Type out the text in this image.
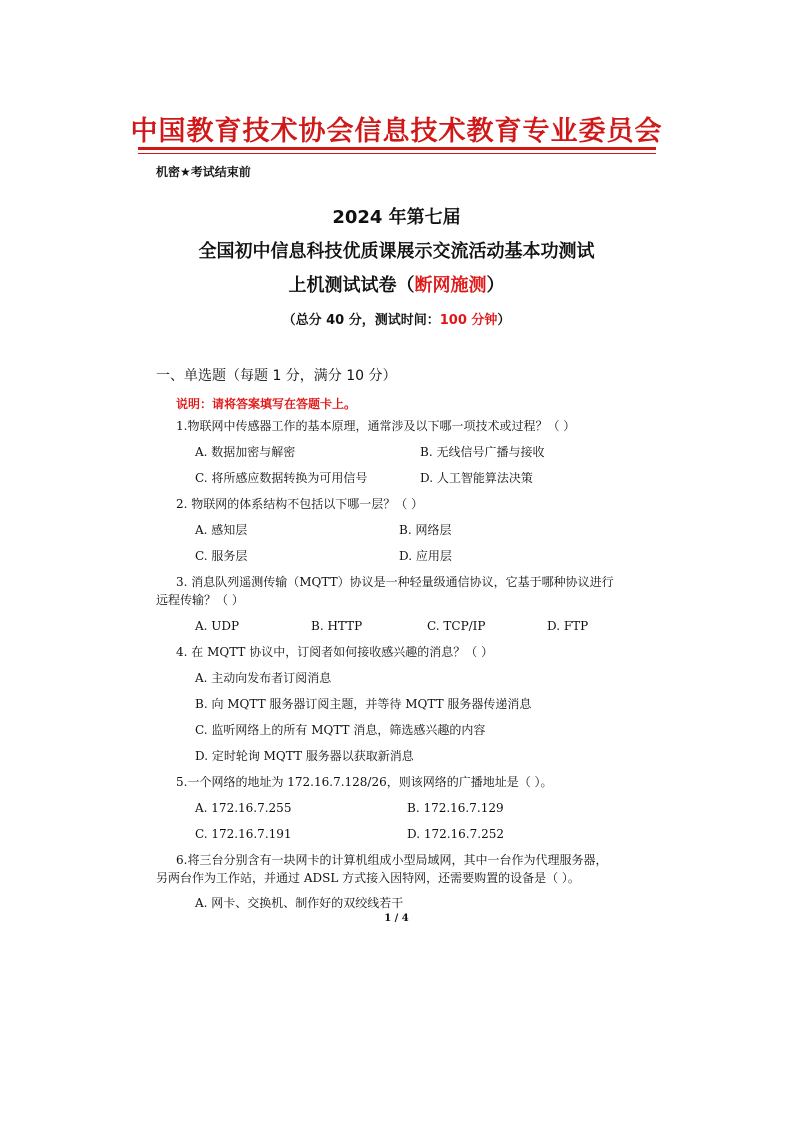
中国教育技术协会信息技术教育专业委员会
机密★考试结束前
2024 年第七届
全国初中信息科技优质课展示交流活动基本功测试
上机测试试卷（断网施测）
（总分 40 分，测试时间：100 分钟）
一、单选题（每题 1 分，满分 10 分）
说明：请将答案填写在答题卡上。
1.物联网中传感器工作的基本原理，通常涉及以下哪一项技术或过程？（ ）
A. 数据加密与解密	B. 无线信号广播与接收
C. 将所感应数据转换为可用信号	D. 人工智能算法决策
2. 物联网的体系结构不包括以下哪一层？（ ）
A. 感知层	B. 网络层
C. 服务层	D. 应用层
3. 消息队列遥测传输（MQTT）协议是一种轻量级通信协议，它基于哪种协议进行
远程传输？（ ）
A. UDP	B. HTTP	C. TCP/IP	D. FTP
4. 在 MQTT 协议中，订阅者如何接收感兴趣的消息？（ ）
A. 主动向发布者订阅消息
B. 向 MQTT 服务器订阅主题，并等待 MQTT 服务器传递消息
C. 监听网络上的所有 MQTT 消息，筛选感兴趣的内容
D. 定时轮询 MQTT 服务器以获取新消息
5.一个网络的地址为 172.16.7.128/26，则该网络的广播地址是（ ）。
A. 172.16.7.255	B. 172.16.7.129
C. 172.16.7.191	D. 172.16.7.252
6.将三台分别含有一块网卡的计算机组成小型局域网，其中一台作为代理服务器，
另两台作为工作站，并通过 ADSL 方式接入因特网，还需要购置的设备是（ ）。
A. 网卡、交换机、制作好的双绞线若干
1 / 4
